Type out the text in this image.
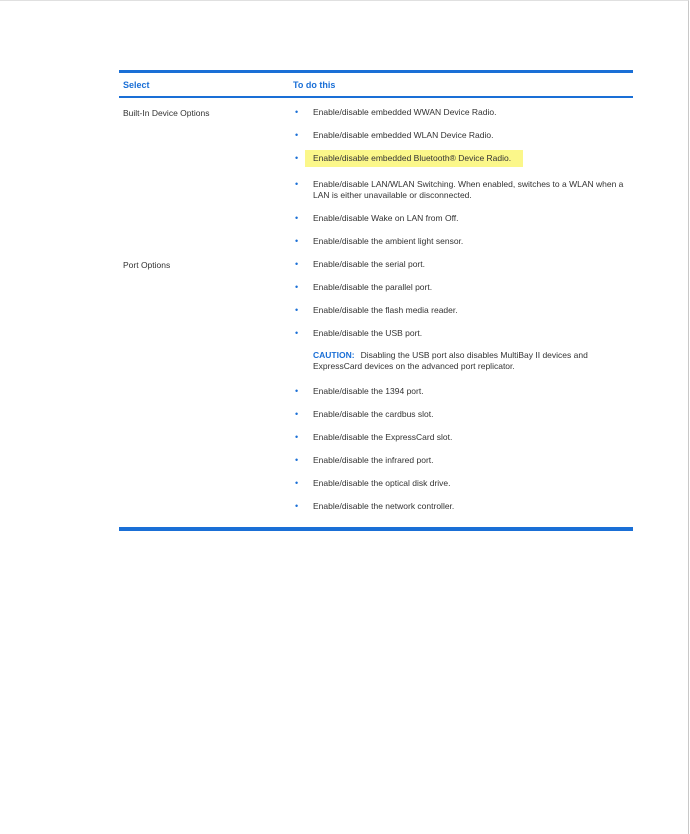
Select	To do this
Built-In Device Options	• Enable/disable embedded WWAN Device Radio.
• Enable/disable embedded WLAN Device Radio.
• Enable/disable embedded Bluetooth® Device Radio.
• Enable/disable LAN/WLAN Switching. When enabled, switches to a WLAN when a LAN is either unavailable or disconnected.
• Enable/disable Wake on LAN from Off.
• Enable/disable the ambient light sensor.
Port Options	• Enable/disable the serial port.
• Enable/disable the parallel port.
• Enable/disable the flash media reader.
• Enable/disable the USB port.
CAUTION: Disabling the USB port also disables MultiBay II devices and ExpressCard devices on the advanced port replicator.
• Enable/disable the 1394 port.
• Enable/disable the cardbus slot.
• Enable/disable the ExpressCard slot.
• Enable/disable the infrared port.
• Enable/disable the optical disk drive.
• Enable/disable the network controller.
